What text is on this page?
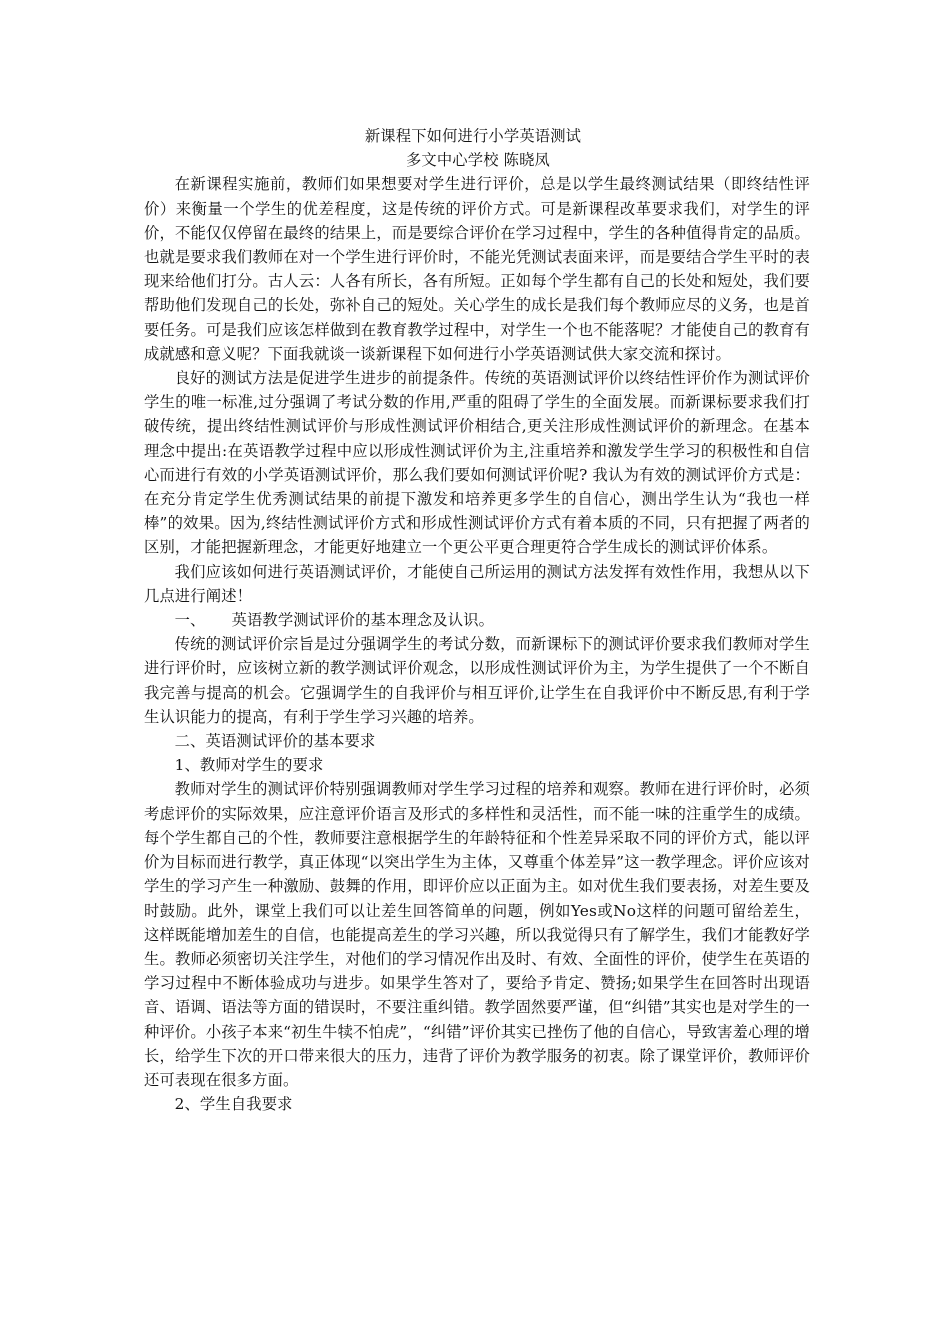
新课程下如何进行小学英语测试
多文中心学校 陈晓凤

在新课程实施前，教师们如果想要对学生进行评价，总是以学生最终测试结果（即终结性评价）来衡量一个学生的优差程度，这是传统的评价方式。可是新课程改革要求我们，对学生的评价，不能仅仅停留在最终的结果上，而是要综合评价在学习过程中，学生的各种值得肯定的品质。也就是要求我们教师在对一个学生进行评价时，不能光凭测试表面来评，而是要结合学生平时的表现来给他们打分。古人云：人各有所长，各有所短。正如每个学生都有自己的长处和短处，我们要帮助他们发现自己的长处，弥补自己的短处。关心学生的成长是我们每个教师应尽的义务，也是首要任务。可是我们应该怎样做到在教育教学过程中，对学生一个也不能落呢？才能使自己的教育有成就感和意义呢？下面我就谈一谈新课程下如何进行小学英语测试供大家交流和探讨。

良好的测试方法是促进学生进步的前提条件。传统的英语测试评价以终结性评价作为测试评价学生的唯一标准,过分强调了考试分数的作用,严重的阻碍了学生的全面发展。而新课标要求我们打破传统，提出终结性测试评价与形成性测试评价相结合,更关注形成性测试评价的新理念。在基本理念中提出:在英语教学过程中应以形成性测试评价为主,注重培养和激发学生学习的积极性和自信心而进行有效的小学英语测试评价，那么我们要如何测试评价呢? 我认为有效的测试评价方式是：在充分肯定学生优秀测试结果的前提下激发和培养更多学生的自信心，测出学生认为“我也一样棒”的效果。因为,终结性测试评价方式和形成性测试评价方式有着本质的不同，只有把握了两者的区别，才能把握新理念，才能更好地建立一个更公平更合理更符合学生成长的测试评价体系。

我们应该如何进行英语测试评价，才能使自己所运用的测试方法发挥有效性作用，我想从以下几点进行阐述！

一、 英语教学测试评价的基本理念及认识。

传统的测试评价宗旨是过分强调学生的考试分数，而新课标下的测试评价要求我们教师对学生进行评价时，应该树立新的教学测试评价观念，以形成性测试评价为主，为学生提供了一个不断自我完善与提高的机会。它强调学生的自我评价与相互评价,让学生在自我评价中不断反思,有利于学生认识能力的提高，有利于学生学习兴趣的培养。

二、英语测试评价的基本要求
1、教师对学生的要求

教师对学生的测试评价特别强调教师对学生学习过程的培养和观察。教师在进行评价时，必须考虑评价的实际效果，应注意评价语言及形式的多样性和灵活性，而不能一味的注重学生的成绩。每个学生都自己的个性，教师要注意根据学生的年龄特征和个性差异采取不同的评价方式，能以评价为目标而进行教学，真正体现“以突出学生为主体，又尊重个体差异”这一教学理念。评价应该对学生的学习产生一种激励、鼓舞的作用，即评价应以正面为主。如对优生我们要表扬，对差生要及时鼓励。此外，课堂上我们可以让差生回答简单的问题，例如Yes或No这样的问题可留给差生，这样既能增加差生的自信，也能提高差生的学习兴趣，所以我觉得只有了解学生，我们才能教好学生。教师必须密切关注学生，对他们的学习情况作出及时、有效、全面性的评价，使学生在英语的学习过程中不断体验成功与进步。如果学生答对了，要给予肯定、赞扬;如果学生在回答时出现语音、语调、语法等方面的错误时，不要注重纠错。教学固然要严谨，但“纠错”其实也是对学生的一种评价。小孩子本来“初生牛犊不怕虎”，“纠错”评价其实已挫伤了他的自信心，导致害羞心理的增长，给学生下次的开口带来很大的压力，违背了评价为教学服务的初衷。除了课堂评价，教师评价还可表现在很多方面。

2、学生自我要求
